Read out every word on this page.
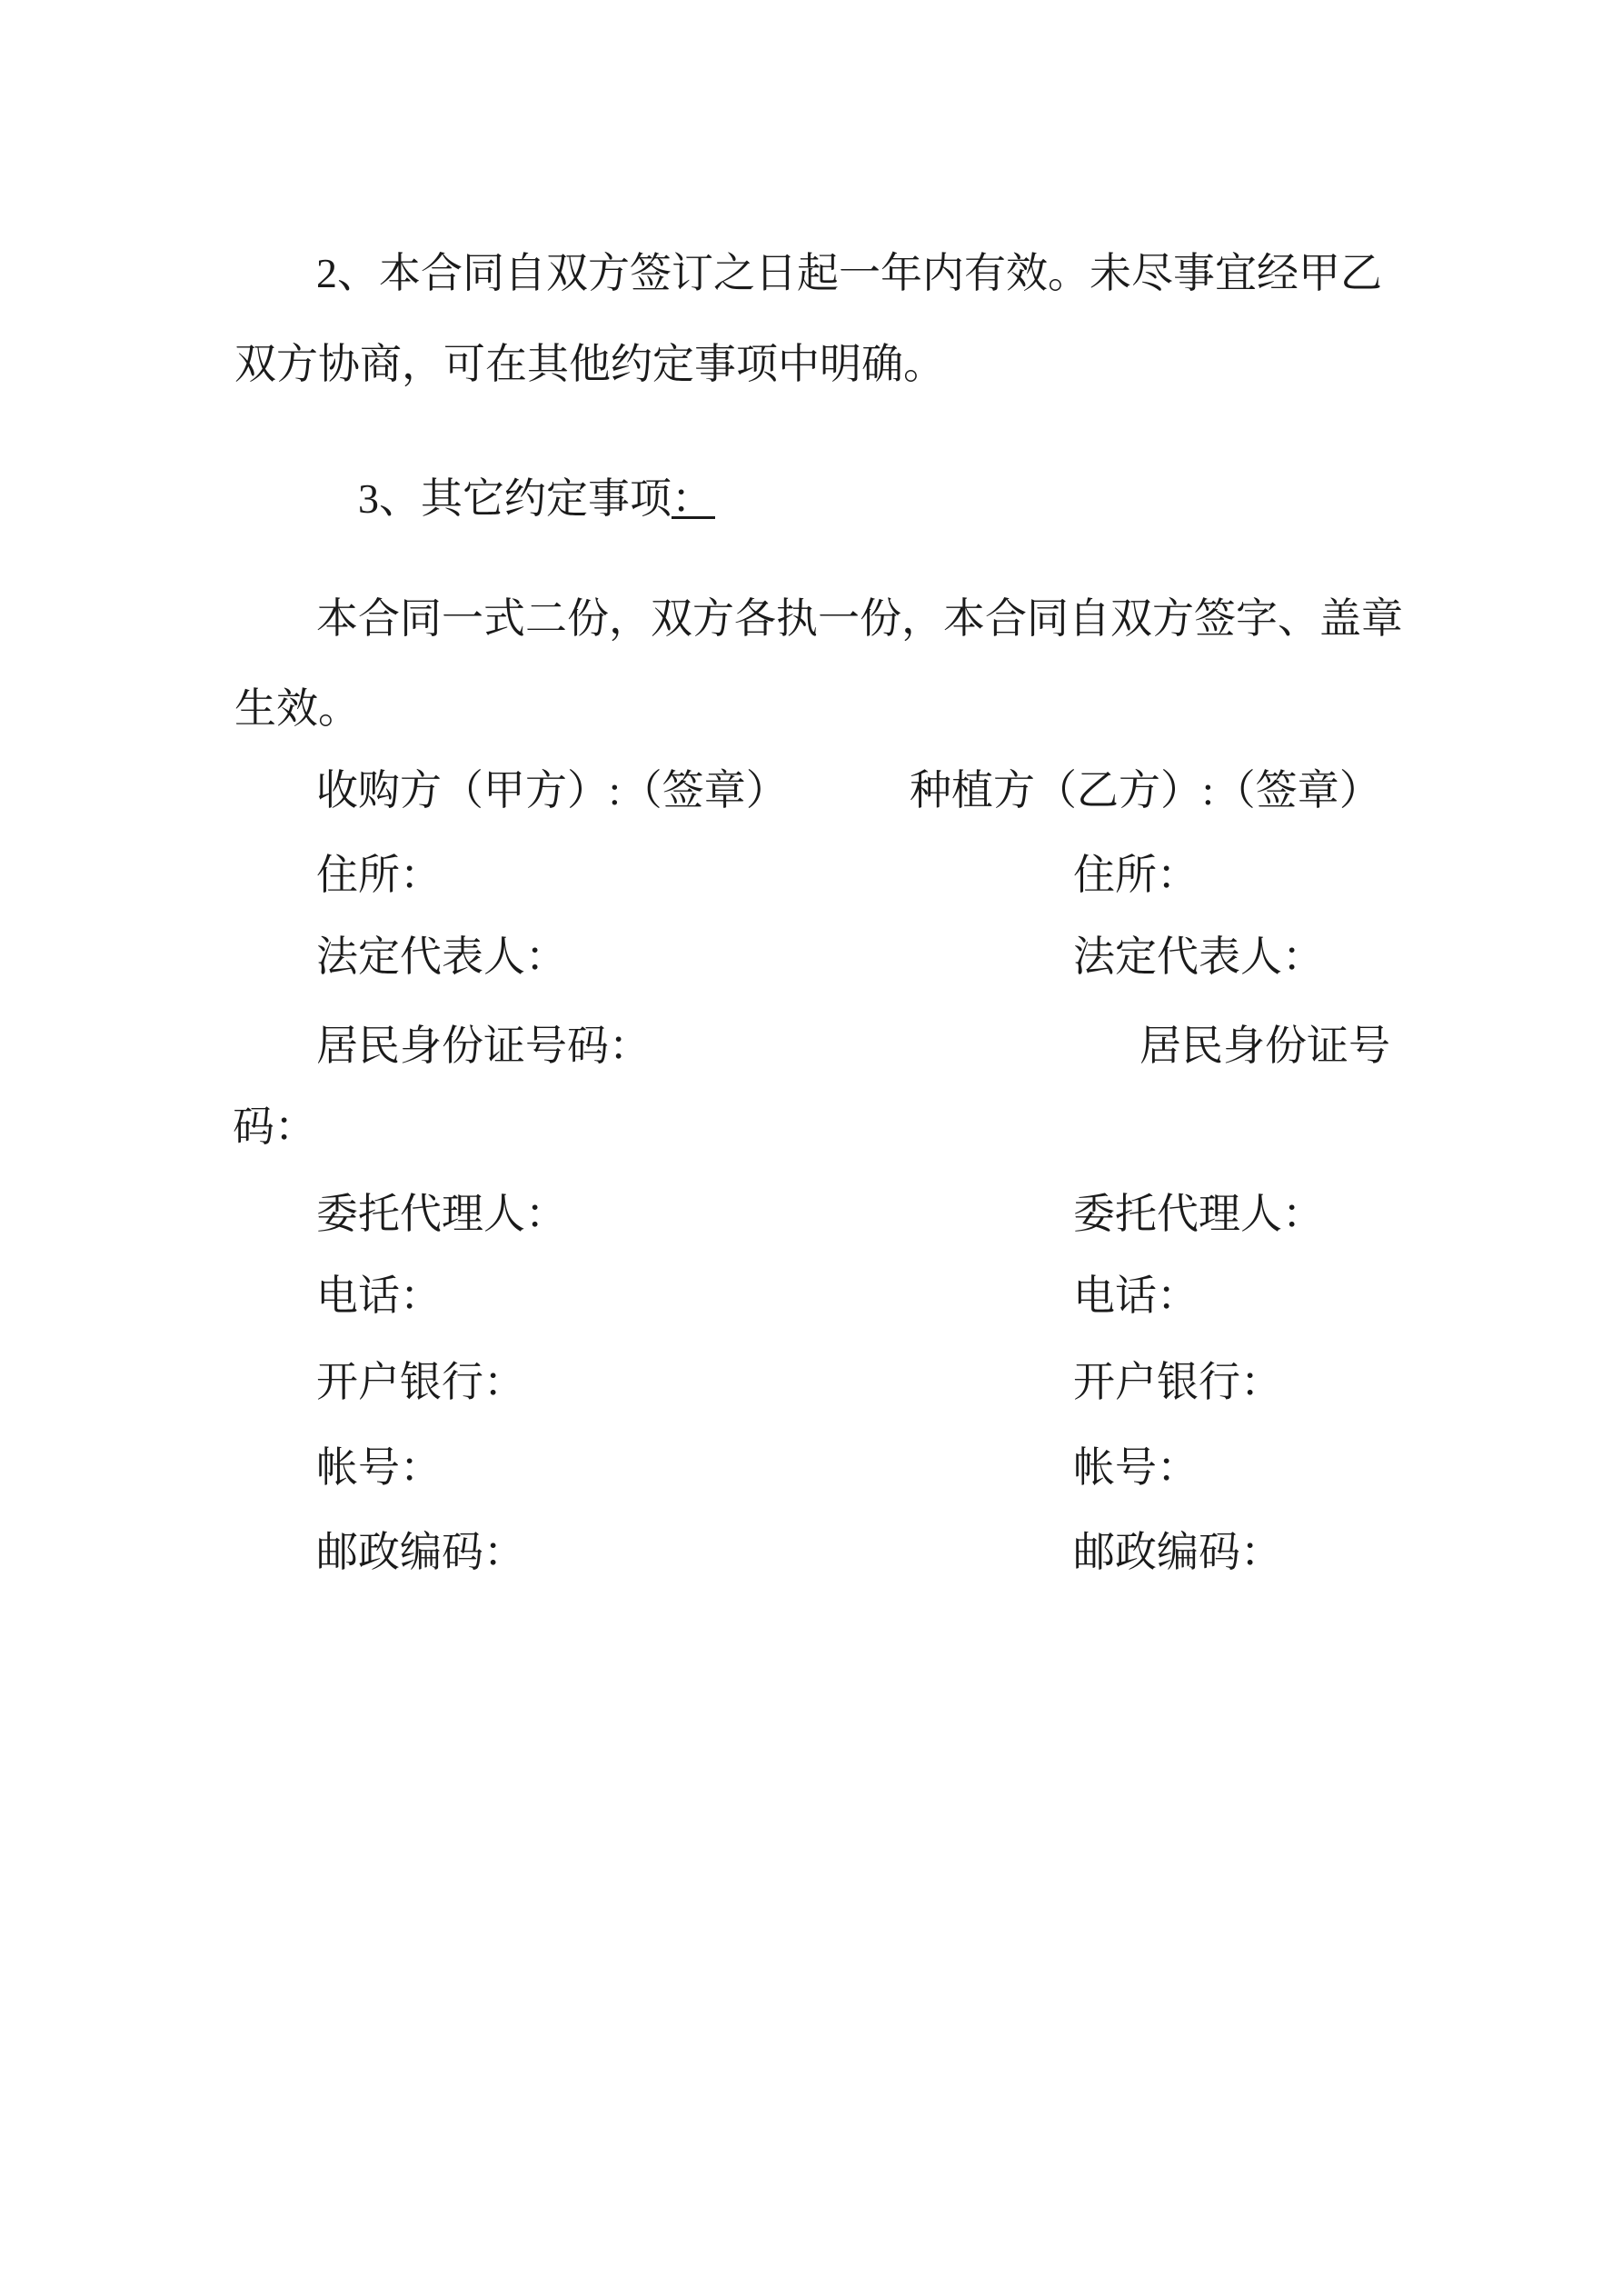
2、本合同自双方签订之日起一年内有效。未尽事宜经甲乙
双方协商，可在其他约定事项中明确。

3、其它约定事项：

本合同一式二份，双方各执一份，本合同自双方签字、盖章
生效。
收购方（甲方）:（签章）	种植方（乙方）:（签章）
住所：	住所：
法定代表人：	法定代表人：
居民身份证号码：	居民身份证号
码：
委托代理人：	委托代理人：
电话：	电话：
开户银行：	开户银行：
帐号：	帐号：
邮政编码：	邮政编码：
